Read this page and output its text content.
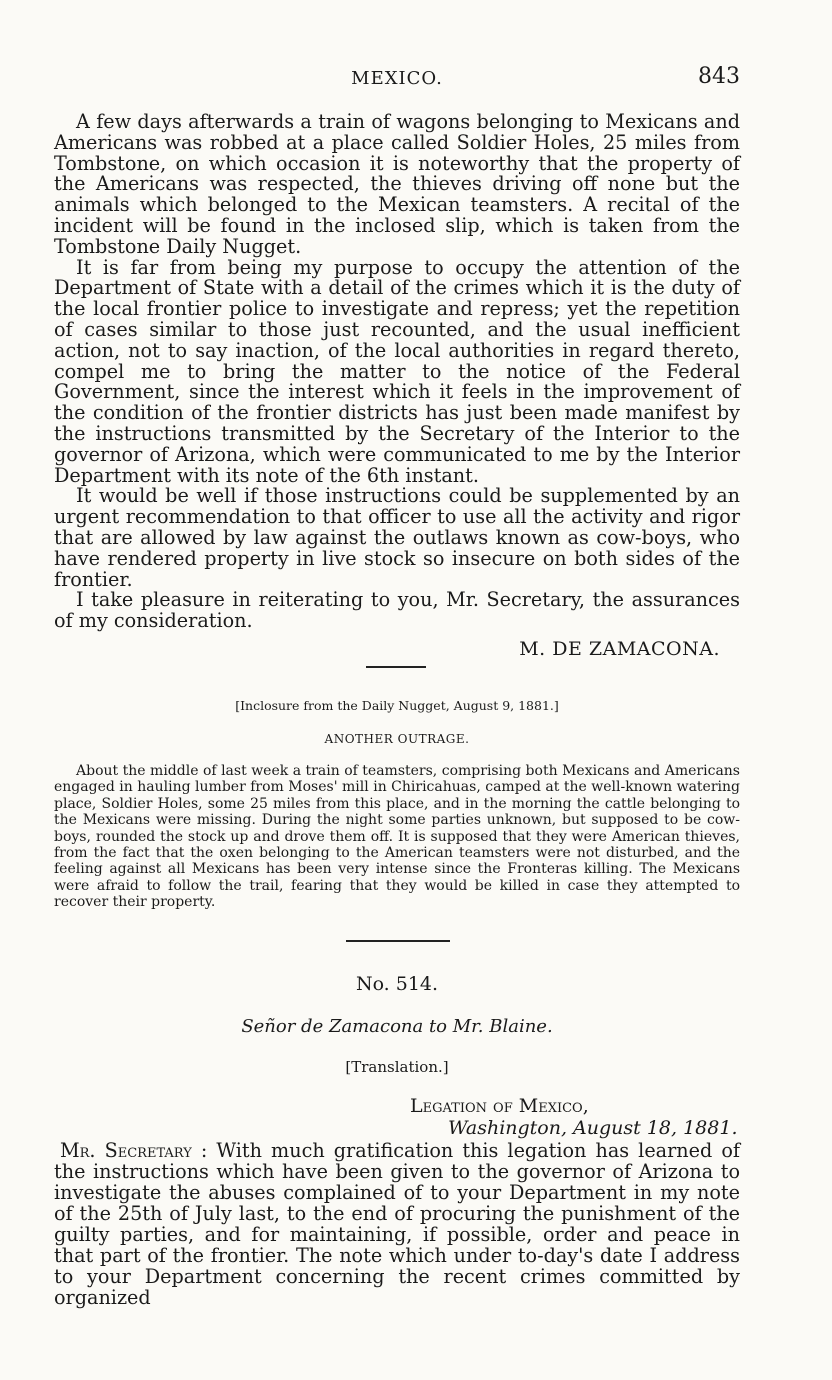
MEXICO.	843

A few days afterwards a train of wagons belonging to Mexicans and Americans was robbed at a place called Soldier Holes, 25 miles from Tombstone, on which occasion it is noteworthy that the property of the Americans was respected, the thieves driving off none but the animals which belonged to the Mexican teamsters. A recital of the incident will be found in the inclosed slip, which is taken from the Tombstone Daily Nugget.

It is far from being my purpose to occupy the attention of the Department of State with a detail of the crimes which it is the duty of the local frontier police to investigate and repress; yet the repetition of cases similar to those just recounted, and the usual inefficient action, not to say inaction, of the local authorities in regard thereto, compel me to bring the matter to the notice of the Federal Government, since the interest which it feels in the improvement of the condition of the frontier districts has just been made manifest by the instructions transmitted by the Secretary of the Interior to the governor of Arizona, which were communicated to me by the Interior Department with its note of the 6th instant.

It would be well if those instructions could be supplemented by an urgent recommendation to that officer to use all the activity and rigor that are allowed by law against the outlaws known as cow-boys, who have rendered property in live stock so insecure on both sides of the frontier.

I take pleasure in reiterating to you, Mr. Secretary, the assurances of my consideration.

M. DE ZAMACONA.
[Inclosure from the Daily Nugget, August 9, 1881.]
ANOTHER OUTRAGE.

About the middle of last week a train of teamsters, comprising both Mexicans and Americans engaged in hauling lumber from Moses' mill in Chiricahuas, camped at the well-known watering place, Soldier Holes, some 25 miles from this place, and in the morning the cattle belonging to the Mexicans were missing. During the night some parties unknown, but supposed to be cow-boys, rounded the stock up and drove them off. It is supposed that they were American thieves, from the fact that the oxen belonging to the American teamsters were not disturbed, and the feeling against all Mexicans has been very intense since the Fronteras killing. The Mexicans were afraid to follow the trail, fearing that they would be killed in case they attempted to recover their property.

No. 514.
Señor de Zamacona to Mr. Blaine.
[Translation.]
Legation of Mexico,
Washington, August 18, 1881.

Mr. Secretary : With much gratification this legation has learned of the instructions which have been given to the governor of Arizona to investigate the abuses complained of to your Department in my note of the 25th of July last, to the end of procuring the punishment of the guilty parties, and for maintaining, if possible, order and peace in that part of the frontier. The note which under to-day's date I address to your Department concerning the recent crimes committed by organized
